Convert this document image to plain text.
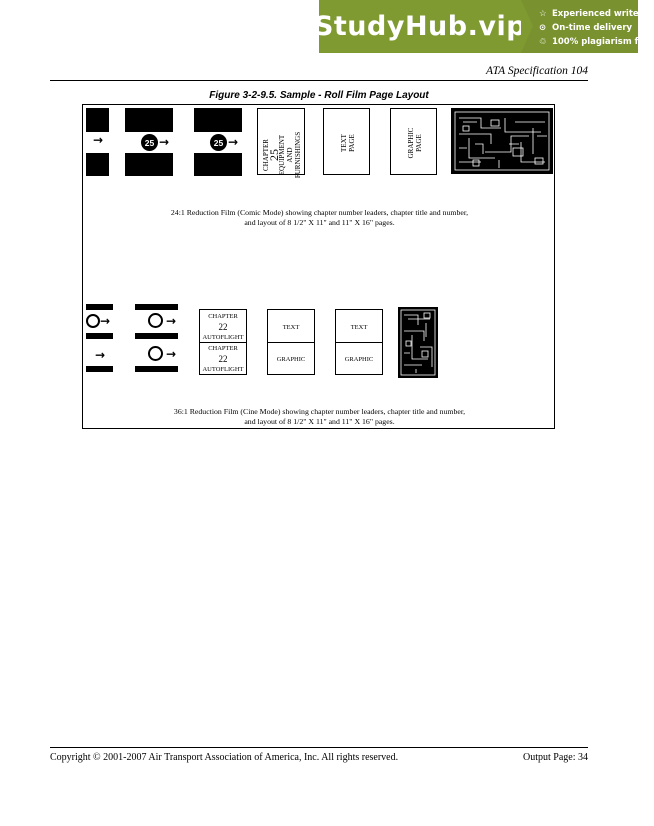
StudyHub.vip ☆ Experienced writers
⊙ On-time delivery
♲ 100% plagiarism free
ATA Specification 104
Figure 3-2-9.5. Sample - Roll Film Page Layout
→	25 →	25 →	CHAPTER
25
EQUIPMENT AND FURNISHINGS	TEXT PAGE	GRAPHIC PAGE
24:1 Reduction Film (Comic Mode) showing chapter number leaders, chapter title and number,
and layout of 8 1/2" X 11" and 11" X 16" pages.
→
→
→
→
CHAPTER
22
AUTOFLIGHT
CHAPTER
22
AUTOFLIGHT
TEXT
GRAPHIC
TEXT
GRAPHIC
36:1 Reduction Film (Cine Mode) showing chapter number leaders, chapter title and number,
and layout of 8 1/2" X 11" and 11" X 16" pages.
Copyright © 2001-2007 Air Transport Association of America, Inc. All rights reserved.	Output Page: 34
